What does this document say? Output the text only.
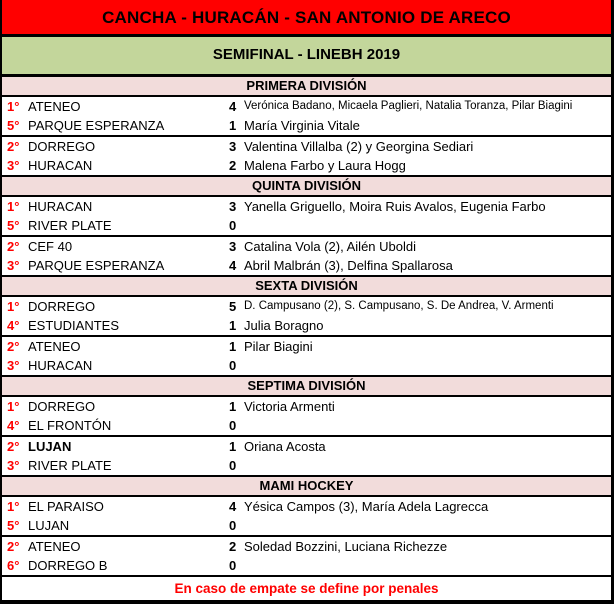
CANCHA - HURACÁN - SAN ANTONIO DE ARECO
SEMIFINAL - LINEBH 2019
PRIMERA DIVISIÓN
1° ATENEO	4 Verónica Badano, Micaela Paglieri, Natalia Toranza, Pilar Biagini
5° PARQUE ESPERANZA	1 María Virginia Vitale
2° DORREGO	3 Valentina Villalba (2) y Georgina Sediari
3° HURACAN	2 Malena Farbo y Laura Hogg
QUINTA DIVISIÓN
1° HURACAN	3 Yanella Griguello, Moira Ruis Avalos, Eugenia Farbo
5° RIVER PLATE	0
2° CEF 40	3 Catalina Vola (2), Ailén Uboldi
3° PARQUE ESPERANZA	4 Abril Malbrán (3), Delfina Spallarosa
SEXTA DIVISIÓN
1° DORREGO	5 D. Campusano (2), S. Campusano, S. De Andrea, V. Armenti
4° ESTUDIANTES	1 Julia Boragno
2° ATENEO	1 Pilar Biagini
3° HURACAN	0
SEPTIMA DIVISIÓN
1° DORREGO	1 Victoria Armenti
4° EL FRONTÓN	0
2° LUJAN	1 Oriana Acosta
3° RIVER PLATE	0
MAMI HOCKEY
1° EL PARAISO	4 Yésica Campos (3), María Adela Lagrecca
5° LUJAN	0
2° ATENEO	2 Soledad Bozzini, Luciana Richezze
6° DORREGO B	0
En caso de empate se define por penales
